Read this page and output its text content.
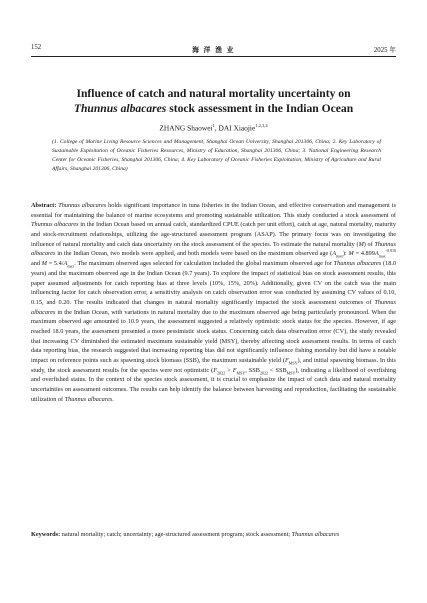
152	海 洋 渔 业	2025 年
Influence of catch and natural mortality uncertainty on
Thunnus albacares stock assessment in the Indian Ocean
ZHANG Shaowei$^1$, DAI Xiaojie$^{1,2,3,4}$
(1. College of Marine Living Resource Sciences and Management, Shanghai Ocean University, Shanghai 201306, China; 2. Key Laboratory of Sustainable Exploitation of Oceanic Fisheries Resources, Ministry of Education, Shanghai 201306, China; 3. National Engineering Research Center for Oceanic Fisheries, Shanghai 201306, China; 4. Key Laboratory of Oceanic Fisheries Exploitation, Ministry of Agriculture and Rural Affairs, Shanghai 201306, China)
Abstract: Thunnus albacares holds significant importance in tuna fisheries in the Indian Ocean, and effective conservation and management is essential for maintaining the balance of marine ecosystems and promoting sustainable utilization. This study conducted a stock assessment of Thunnus albacares in the Indian Ocean based on annual catch, standardized CPUE (catch per unit effort), catch at age, natural mortality, maturity and stock-recruitment relationships, utilizing the age-structured assessment program (ASAP). The primary focus was on investigating the influence of natural mortality and catch data uncertainty on the stock assessment of the species. To estimate the natural mortality (M) of Thunnus albacares in the Indian Ocean, two models were applied, and both models were based on the maximum observed age $(A_{max})$: $M = 4.899A_{max}^{-0.916}$ and $M = 5.4/A_{max}$. The maximum observed ages selected for calculation included the global maximum observed age for Thunnus albacares (18.0 years) and the maximum observed age in the Indian Ocean (9.7 years). To explore the impact of statistical bias on stock assessment results, this paper assumed adjustments for catch reporting bias at three levels (10%, 15%, 20%). Additionally, given CV on the catch was the main influencing factor for catch observation error, a sensitivity analysis on catch observation error was conducted by assuming CV values of 0.10, 0.15, and 0.20. The results indicated that changes in natural mortality significantly impacted the stock assessment outcomes of Thunnus albacares in the Indian Ocean, with variations in natural mortality due to the maximum observed age being particularly pronounced. When the maximum observed age amounted to 10.9 years, the assessment suggested a relatively optimistic stock status for the species. However, if age reached 18.0 years, the assessment presented a more pessimistic stock status. Concerning catch data observation error (CV), the study revealed that increasing CV diminished the estimated maximum sustainable yield (MSY), thereby affecting stock assessment results. In terms of catch data reporting bias, the research suggested that increasing reporting bias did not significantly influence fishing mortality but did have a notable impact on reference points such as spawning stock biomass (SSB), the maximum sustainable yield $(F_{MSY})$, and initial spawning biomass. In this study, the stock assessment results for the species were not optimistic ($F_{2022} > F_{MSY}$, $SSB_{2022} < SSB_{MSY}$), indicating a likelihood of overfishing and overfished status. In the context of the species stock assessment, it is crucial to emphasize the impact of catch data and natural mortality uncertainties on assessment outcomes. The results can help identify the balance between harvesting and reproduction, facilitating the sustainable utilization of Thunnus albacares.
Keywords: natural mortality; catch; uncertainty; age-structured assessment program; stock assessment; Thunnus albacares
